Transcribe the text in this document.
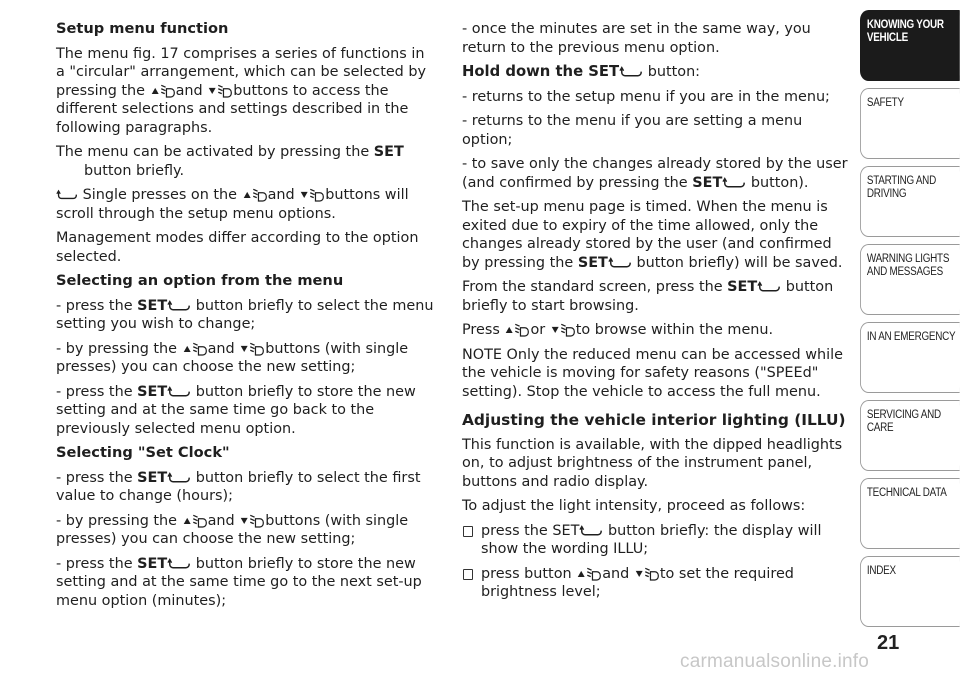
Setup menu function

The menu fig. 17 comprises a series of functions in a "circular" arrangement, which can be selected by pressing the and buttons to access the different selections and settings described in the following paragraphs.

The menu can be activated by pressing the SET
button briefly.

Single presses on the and buttons will scroll through the setup menu options.

Management modes differ according to the option selected.

Selecting an option from the menu

- press the SET button briefly to select the menu setting you wish to change;

- by pressing the and buttons (with single presses) you can choose the new setting;

- press the SET button briefly to store the new setting and at the same time go back to the previously selected menu option.

Selecting "Set Clock"

- press the SET button briefly to select the first value to change (hours);

- by pressing the and buttons (with single presses) you can choose the new setting;

- press the SET button briefly to store the new setting and at the same time go to the next set-up menu option (minutes);

- once the minutes are set in the same way, you return to the previous menu option.

Hold down the SET button:

- returns to the setup menu if you are in the menu;

- returns to the menu if you are setting a menu option;

- to save only the changes already stored by the user (and confirmed by pressing the SET button).

The set-up menu page is timed. When the menu is exited due to expiry of the time allowed, only the changes already stored by the user (and confirmed by pressing the SET button briefly) will be saved.

From the standard screen, press the SET button briefly to start browsing.

Press or to browse within the menu.

NOTE Only the reduced menu can be accessed while the vehicle is moving for safety reasons ("SPEEd" setting). Stop the vehicle to access the full menu.

Adjusting the vehicle interior lighting (ILLU)

This function is available, with the dipped headlights on, to adjust brightness of the instrument panel, buttons and radio display.

To adjust the light intensity, proceed as follows:

press the SET button briefly: the display will show the wording ILLU;

press button and to set the required brightness level;

KNOWING YOUR VEHICLE
SAFETY
STARTING AND DRIVING
WARNING LIGHTS AND MESSAGES
IN AN EMERGENCY
SERVICING AND CARE
TECHNICAL DATA
INDEX
21
carmanualsonline.info
